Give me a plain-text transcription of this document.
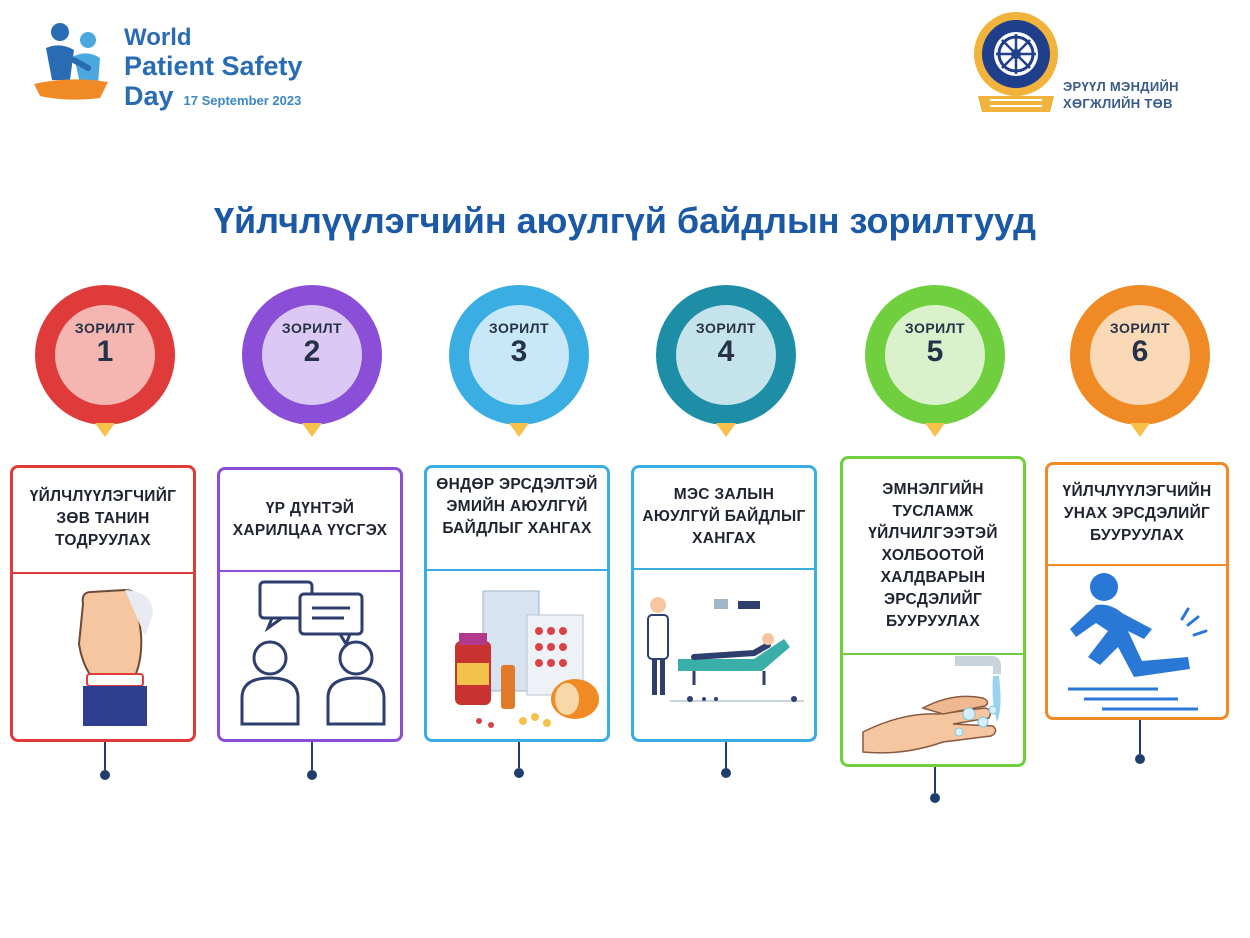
World
Patient Safety
Day 17 September 2023
ЭРҮҮЛ МЭНДИЙН
ХӨГЖЛИЙН ТӨВ
Үйлчлүүлэгчийн аюулгүй байдлын зорилтууд
ЗОРИЛТ
1
ҮЙЛЧЛҮҮЛЭГЧИЙГ ЗӨВ ТАНИН ТОДРУУЛАХ
ЗОРИЛТ
2
ҮР ДҮНТЭЙ ХАРИЛЦАА ҮҮСГЭХ
ЗОРИЛТ
3
ӨНДӨР ЭРСДЭЛТЭЙ ЭМИЙН АЮУЛГҮЙ БАЙДЛЫГ ХАНГАХ
ЗОРИЛТ
4
МЭС ЗАЛЫН АЮУЛГҮЙ БАЙДЛЫГ ХАНГАХ
ЗОРИЛТ
5
ЭМНЭЛГИЙН ТУСЛАМЖ ҮЙЛЧИЛГЭЭТЭЙ ХОЛБООТОЙ ХАЛДВАРЫН ЭРСДЭЛИЙГ БУУРУУЛАХ
ЗОРИЛТ
6
ҮЙЛЧЛҮҮЛЭГЧИЙН УНАХ ЭРСДЭЛИЙГ БУУРУУЛАХ
